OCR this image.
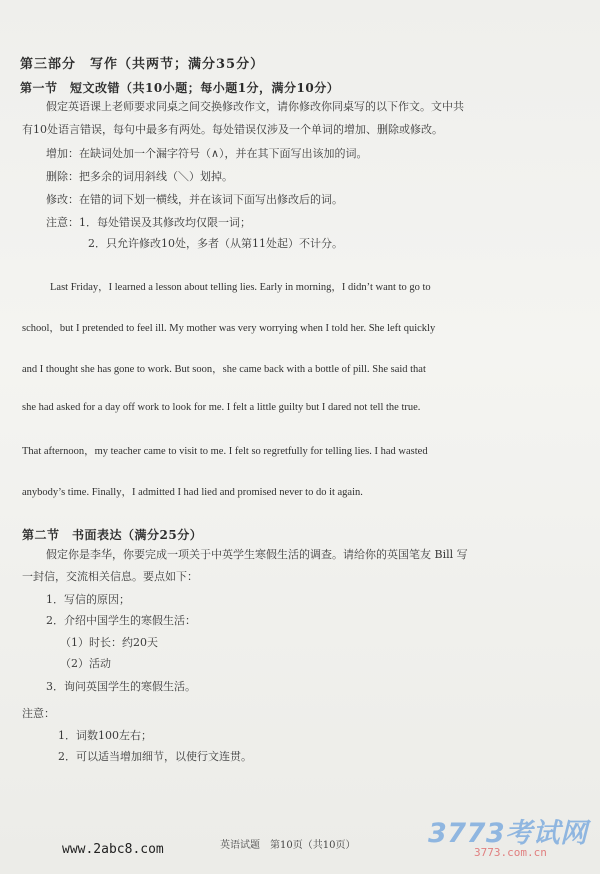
第三部分　写作（共两节；满分35分）
第一节　短文改错（共10小题；每小题1分，满分10分）
假定英语课上老师要求同桌之间交换修改作文，请你修改你同桌写的以下作文。文中共
有10处语言错误，每句中最多有两处。每处错误仅涉及一个单词的增加、删除或修改。
增加：在缺词处加一个漏字符号（∧），并在其下面写出该加的词。
删除：把多余的词用斜线（＼）划掉。
修改：在错的词下划一横线，并在该词下面写出修改后的词。
注意：1．每处错误及其修改均仅限一词；
2．只允许修改10处，多者（从第11处起）不计分。
Last Friday，I learned a lesson about telling lies. Early in morning，I didn’t want to go to
school，but I pretended to feel ill. My mother was very worrying when I told her. She left quickly
and I thought she has gone to work. But soon，she came back with a bottle of pill. She said that
she had asked for a day off work to look for me. I felt a little guilty but I dared not tell the true.
That afternoon，my teacher came to visit to me. I felt so regretfully for telling lies. I had wasted
anybody’s time. Finally，I admitted I had lied and promised never to do it again.
第二节　书面表达（满分25分）
假定你是李华，你要完成一项关于中英学生寒假生活的调查。请给你的英国笔友 Bill 写
一封信，交流相关信息。要点如下：
1．写信的原因；
2．介绍中国学生的寒假生活：
（1）时长：约20天
（2）活动
3．询问英国学生的寒假生活。
注意：
1．词数100左右；
2．可以适当增加细节，以使行文连贯。
www.2abc8.com	英语试题　第10页（共10页）	3773考试网
3773.com.cn
